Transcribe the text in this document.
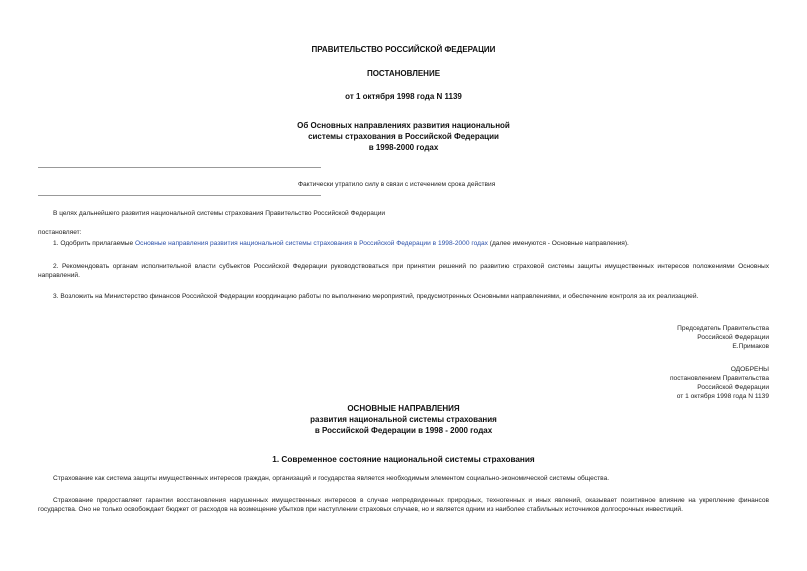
ПРАВИТЕЛЬСТВО РОССИЙСКОЙ ФЕДЕРАЦИИ
ПОСТАНОВЛЕНИЕ
от 1 октября 1998 года N 1139
Об Основных направлениях развития национальной
системы страхования в Российской Федерации
в 1998-2000 годах
Фактически утратило силу в связи с истечением срока действия
В целях дальнейшего развития национальной системы страхования Правительство Российской Федерации
постановляет:
1. Одобрить прилагаемые Основные направления развития национальной системы страхования в Российской Федерации в 1998-2000 годах (далее именуются - Основные направления).
2. Рекомендовать органам исполнительной власти субъектов Российской Федерации руководствоваться при принятии решений по развитию страховой системы защиты имущественных интересов положениями Основных направлений.
3. Возложить на Министерство финансов Российской Федерации координацию работы по выполнению мероприятий, предусмотренных Основными направлениями, и обеспечение контроля за их реализацией.
Председатель Правительства
Российской Федерации
Е.Примаков
ОДОБРЕНЫ
постановлением Правительства
Российской Федерации
от 1 октября 1998 года N 1139
ОСНОВНЫЕ НАПРАВЛЕНИЯ
развития национальной системы страхования
в Российской Федерации в 1998 - 2000 годах
1. Современное состояние национальной системы страхования
Страхование как система защиты имущественных интересов граждан, организаций и государства является необходимым элементом социально-экономической системы общества.
Страхование предоставляет гарантии восстановления нарушенных имущественных интересов в случае непредвиденных природных, техногенных и иных явлений, оказывает позитивное влияние на укрепление финансов государства. Оно не только освобождает бюджет от расходов на возмещение убытков при наступлении страховых случаев, но и является одним из наиболее стабильных источников долгосрочных инвестиций.
